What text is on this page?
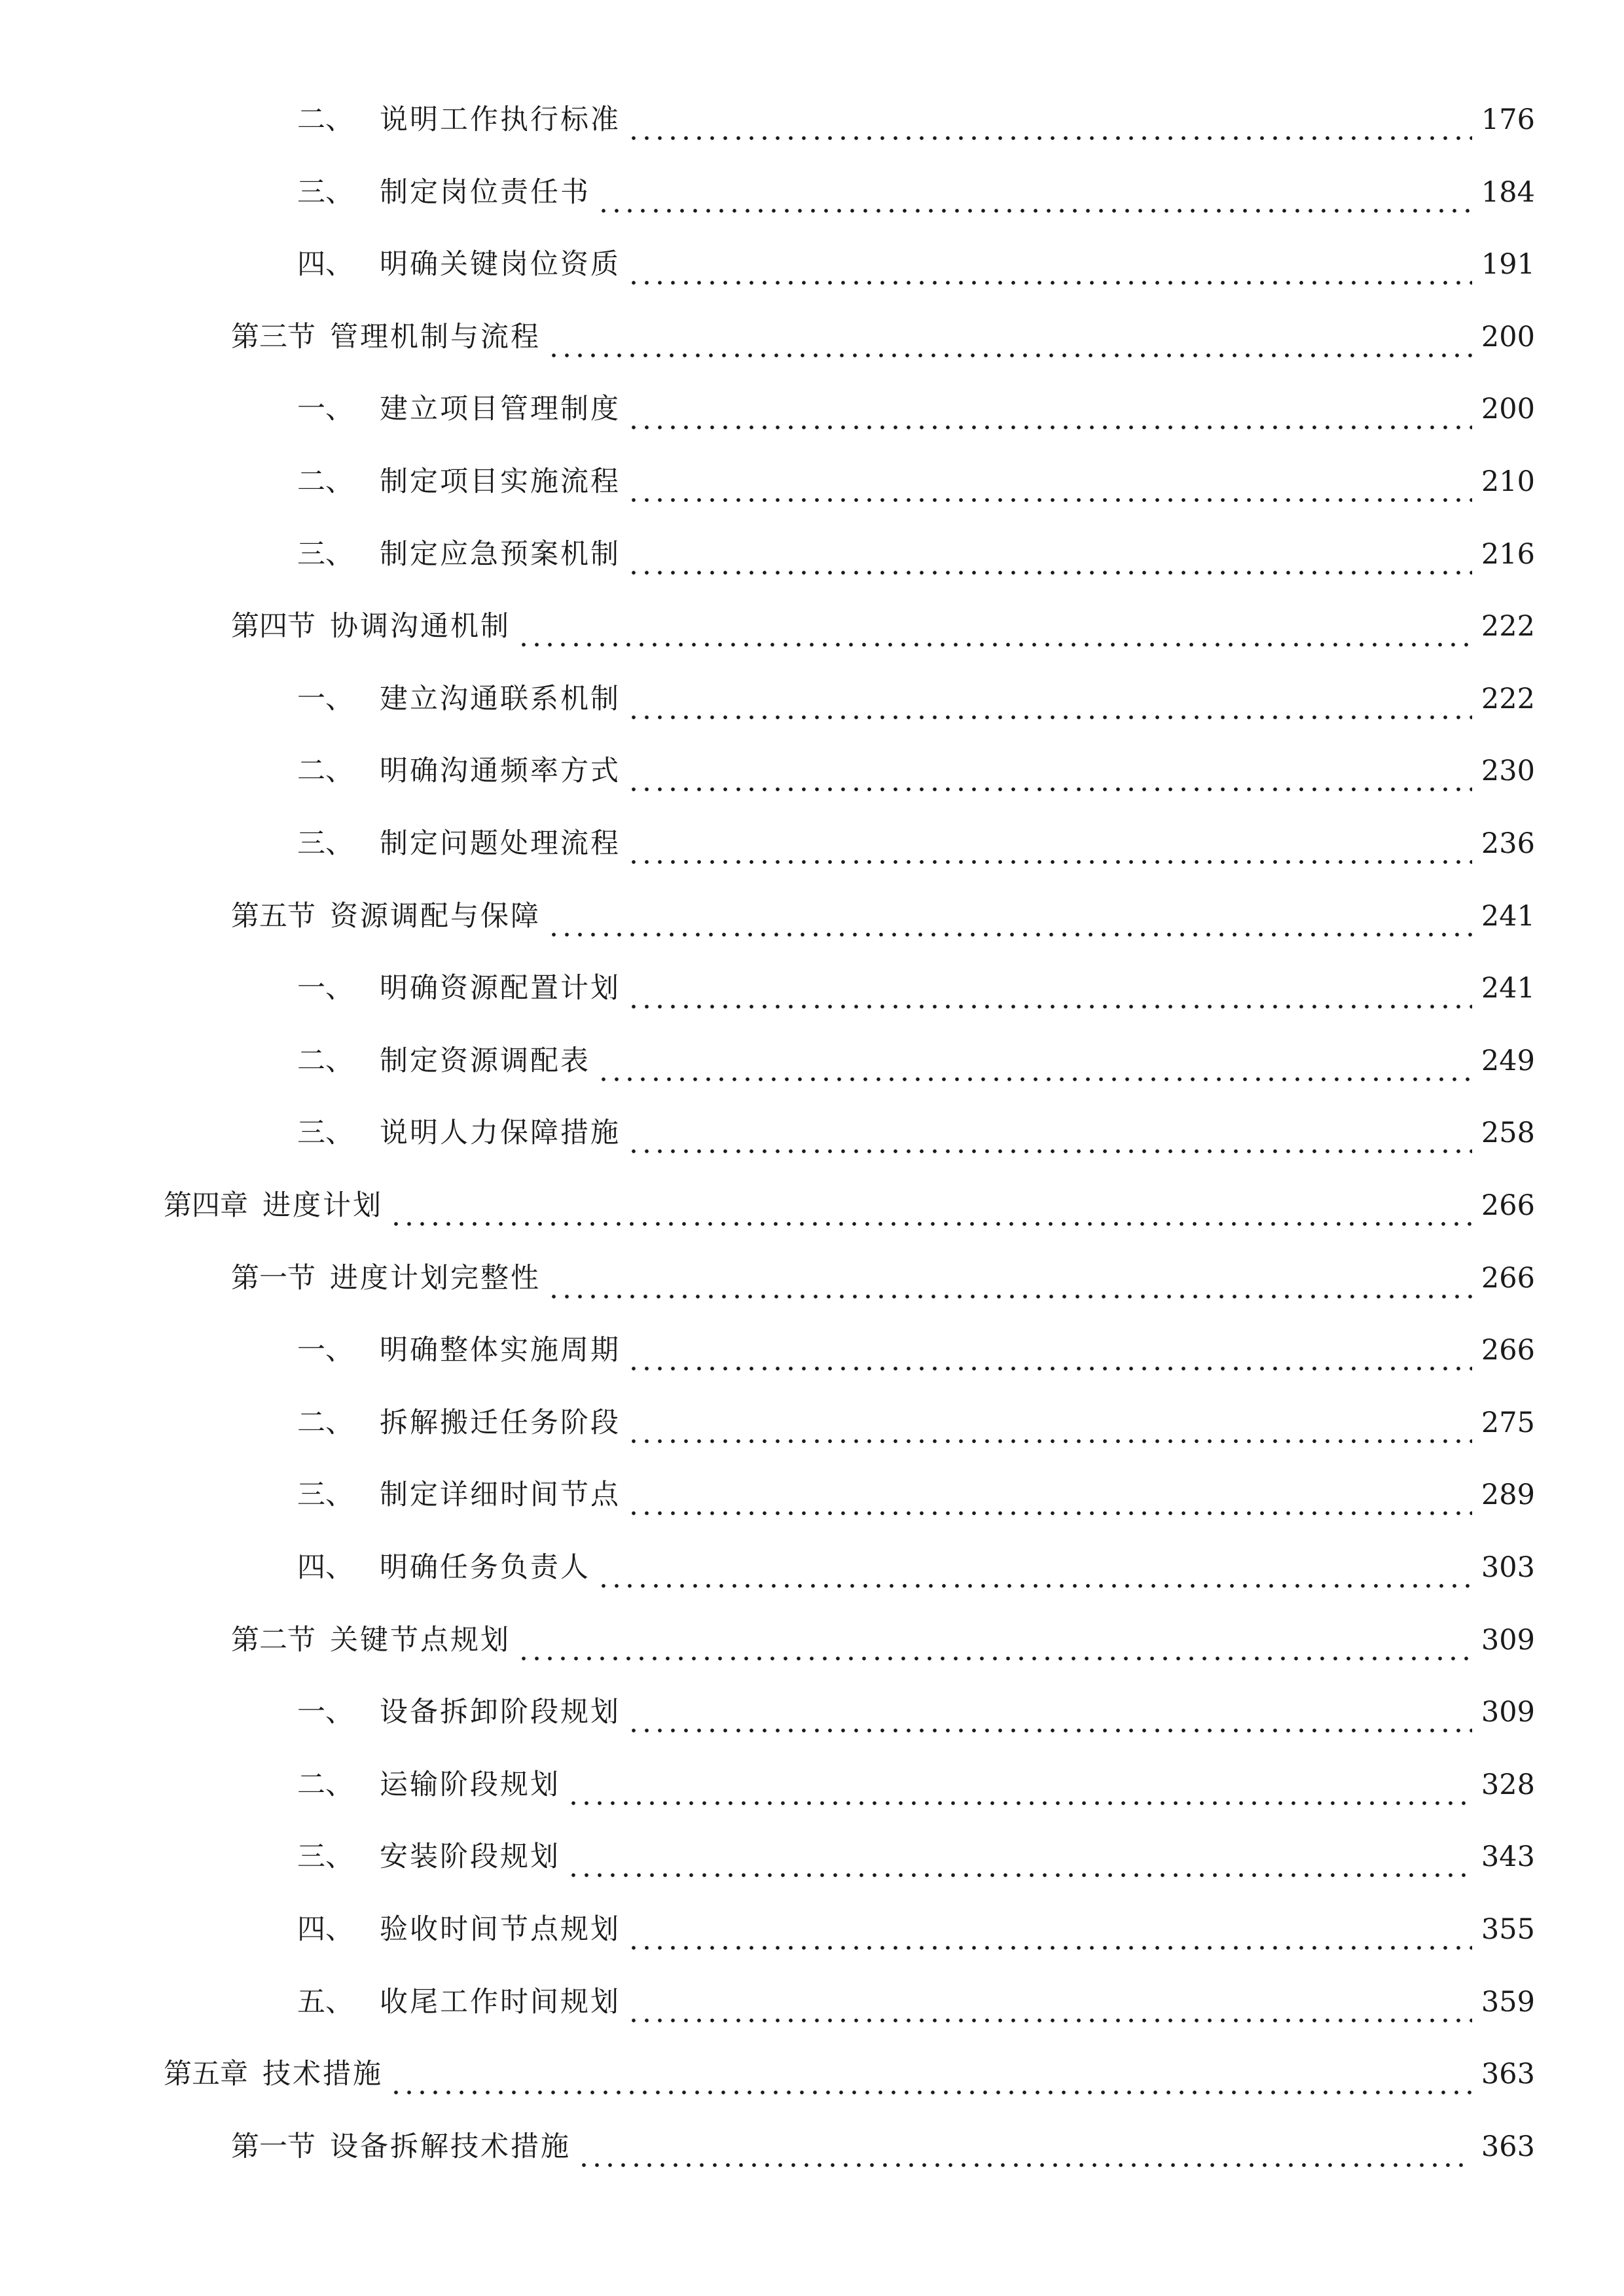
二、 说明工作执行标准	176
三、 制定岗位责任书	184
四、 明确关键岗位资质	191
第三节 管理机制与流程	200
一、 建立项目管理制度	200
二、 制定项目实施流程	210
三、 制定应急预案机制	216
第四节 协调沟通机制	222
一、 建立沟通联系机制	222
二、 明确沟通频率方式	230
三、 制定问题处理流程	236
第五节 资源调配与保障	241
一、 明确资源配置计划	241
二、 制定资源调配表	249
三、 说明人力保障措施	258
第四章 进度计划	266
第一节 进度计划完整性	266
一、 明确整体实施周期	266
二、 拆解搬迁任务阶段	275
三、 制定详细时间节点	289
四、 明确任务负责人	303
第二节 关键节点规划	309
一、 设备拆卸阶段规划	309
二、 运输阶段规划	328
三、 安装阶段规划	343
四、 验收时间节点规划	355
五、 收尾工作时间规划	359
第五章 技术措施	363
第一节 设备拆解技术措施	363
